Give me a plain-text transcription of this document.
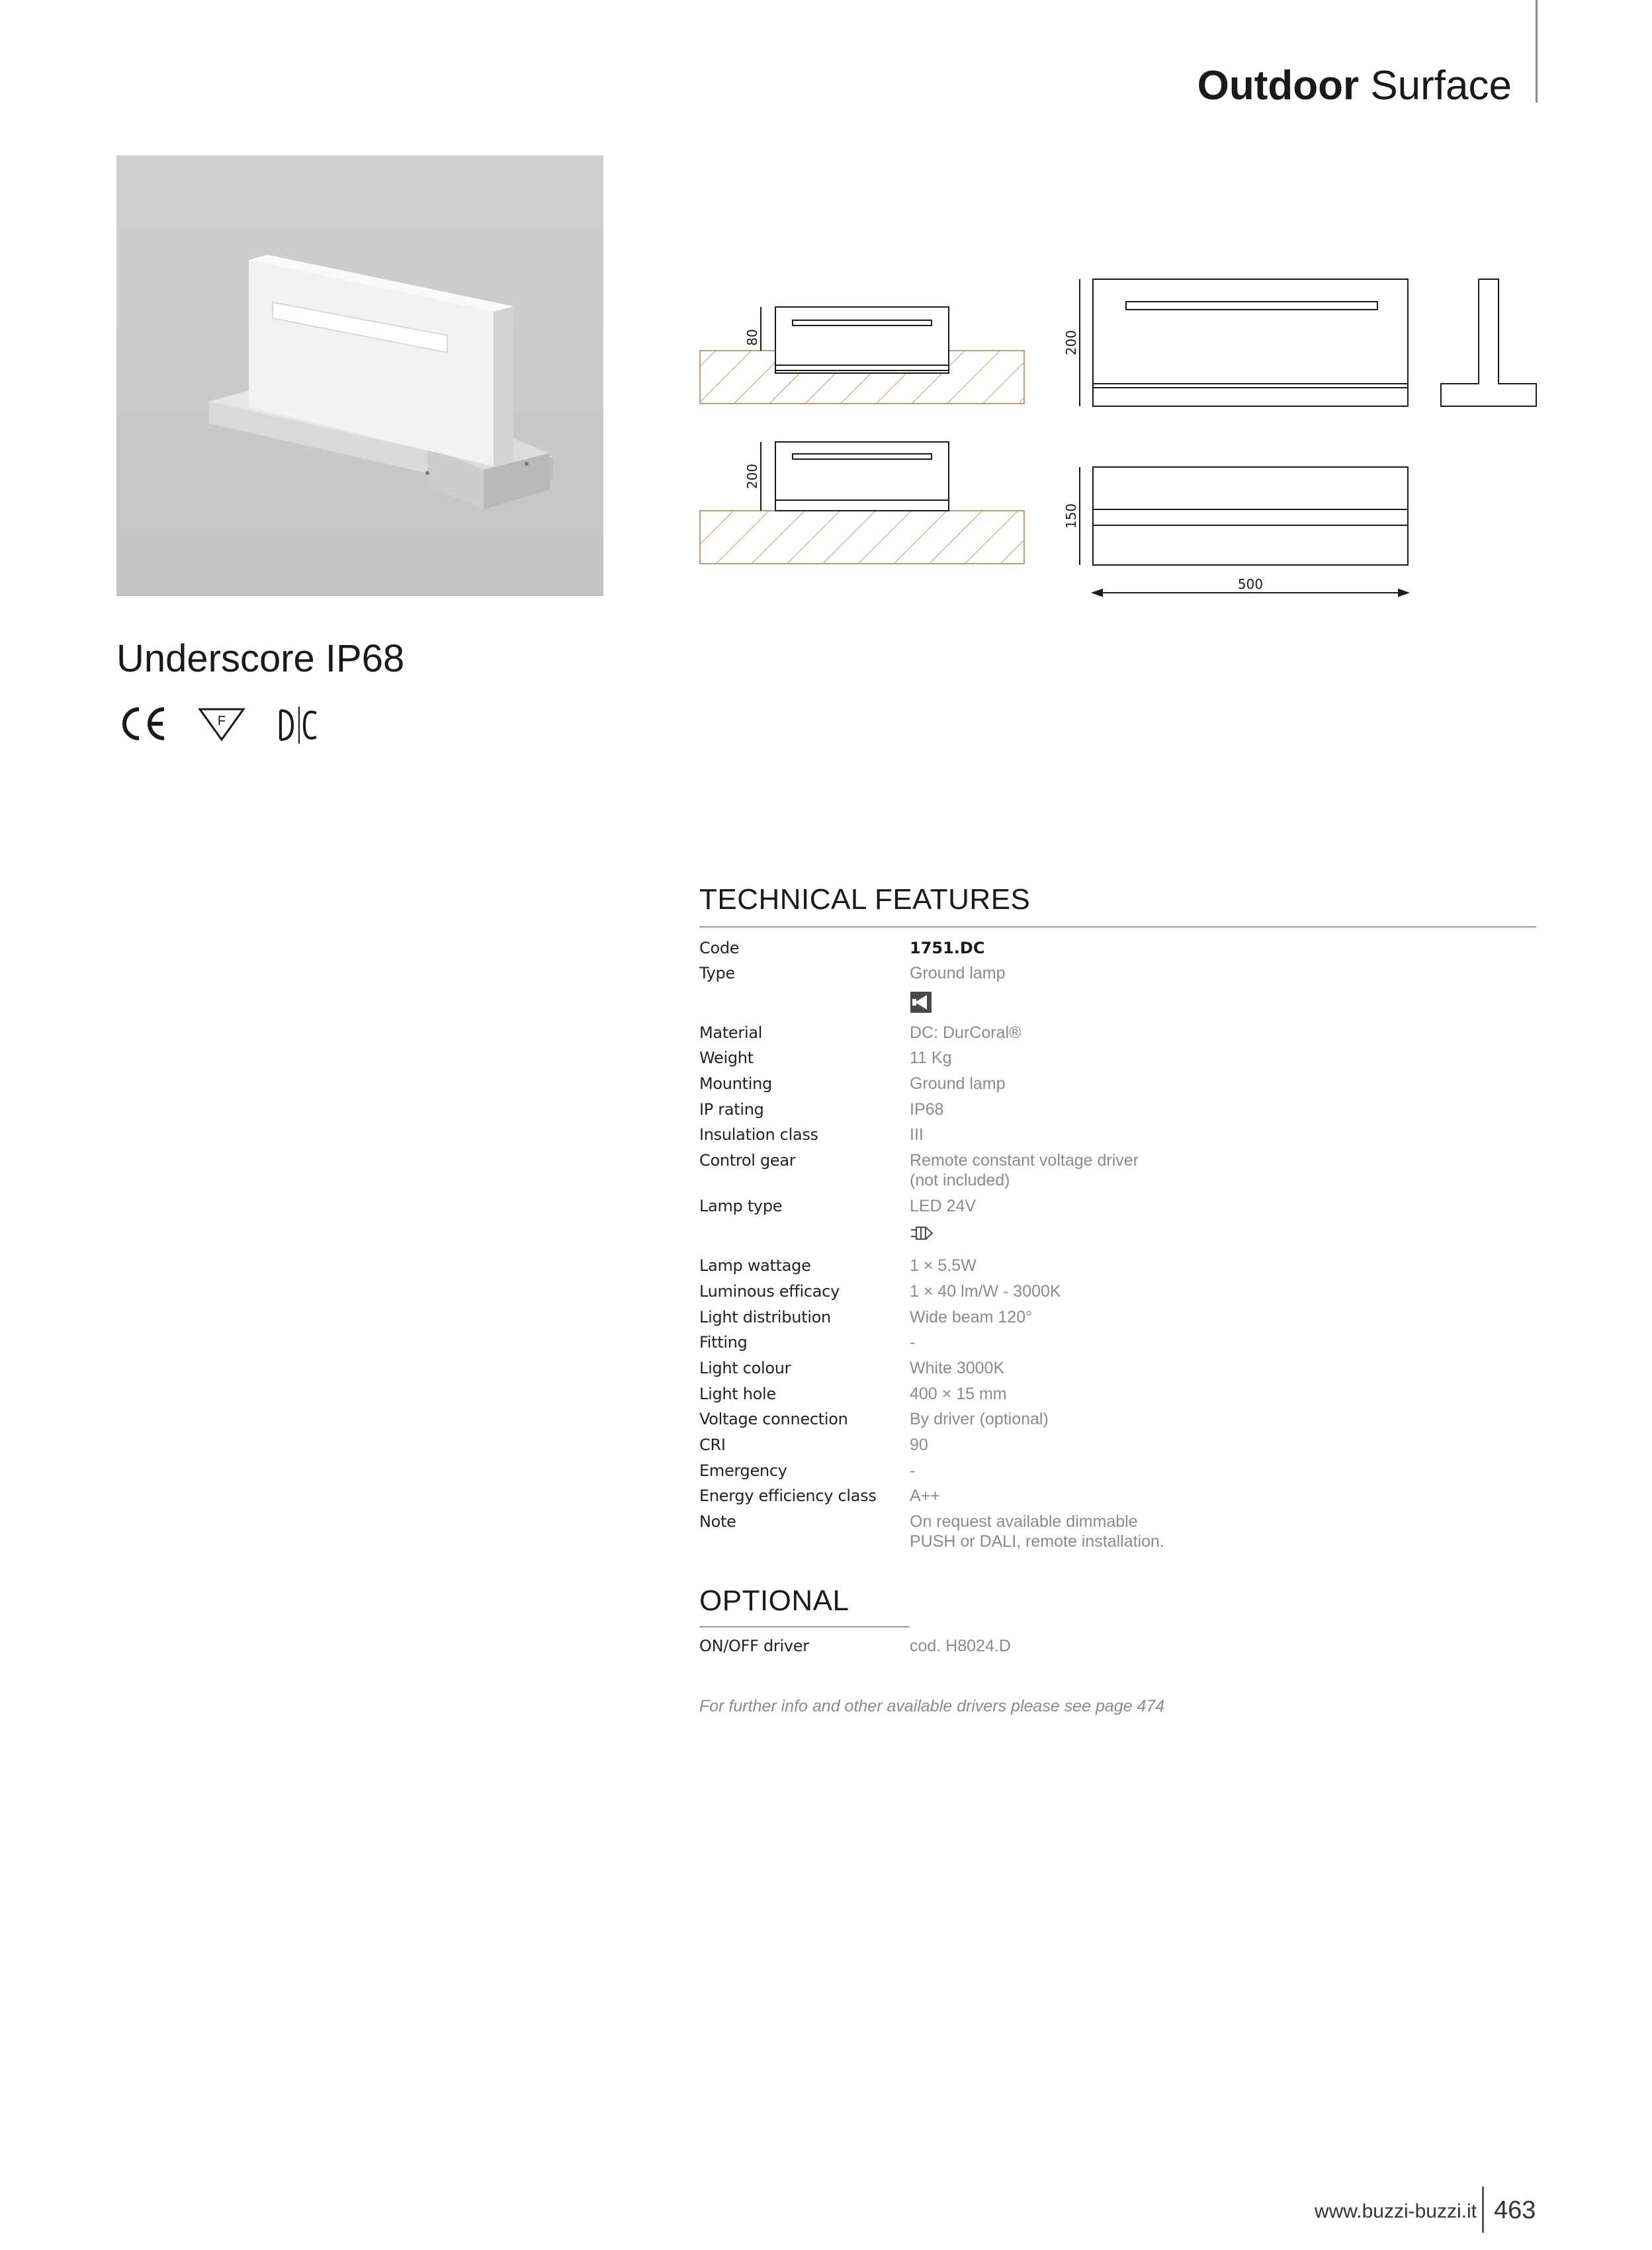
Outdoor Surface
Underscore IP68
F
80
200
200
150
500
TECHNICAL FEATURES
Code	1751.DC
Type	Ground lamp
Material	DC: DurCoral®
Weight	11 Kg
Mounting	Ground lamp
IP rating	IP68
Insulation class	III
Control gear	Remote constant voltage driver
(not included)
Lamp type	LED 24V
Lamp wattage	1 × 5.5W
Luminous efficacy	1 × 40 lm/W - 3000K
Light distribution	Wide beam 120°
Fitting	-
Light colour	White 3000K
Light hole	400 × 15 mm
Voltage connection	By driver (optional)
CRI	90
Emergency	-
Energy efficiency class A++
Note	On request available dimmable
PUSH or DALI, remote installation.
OPTIONAL
ON/OFF driver	cod. H8024.D
For further info and other available drivers please see page 474
www.buzzi-buzzi.it 463
